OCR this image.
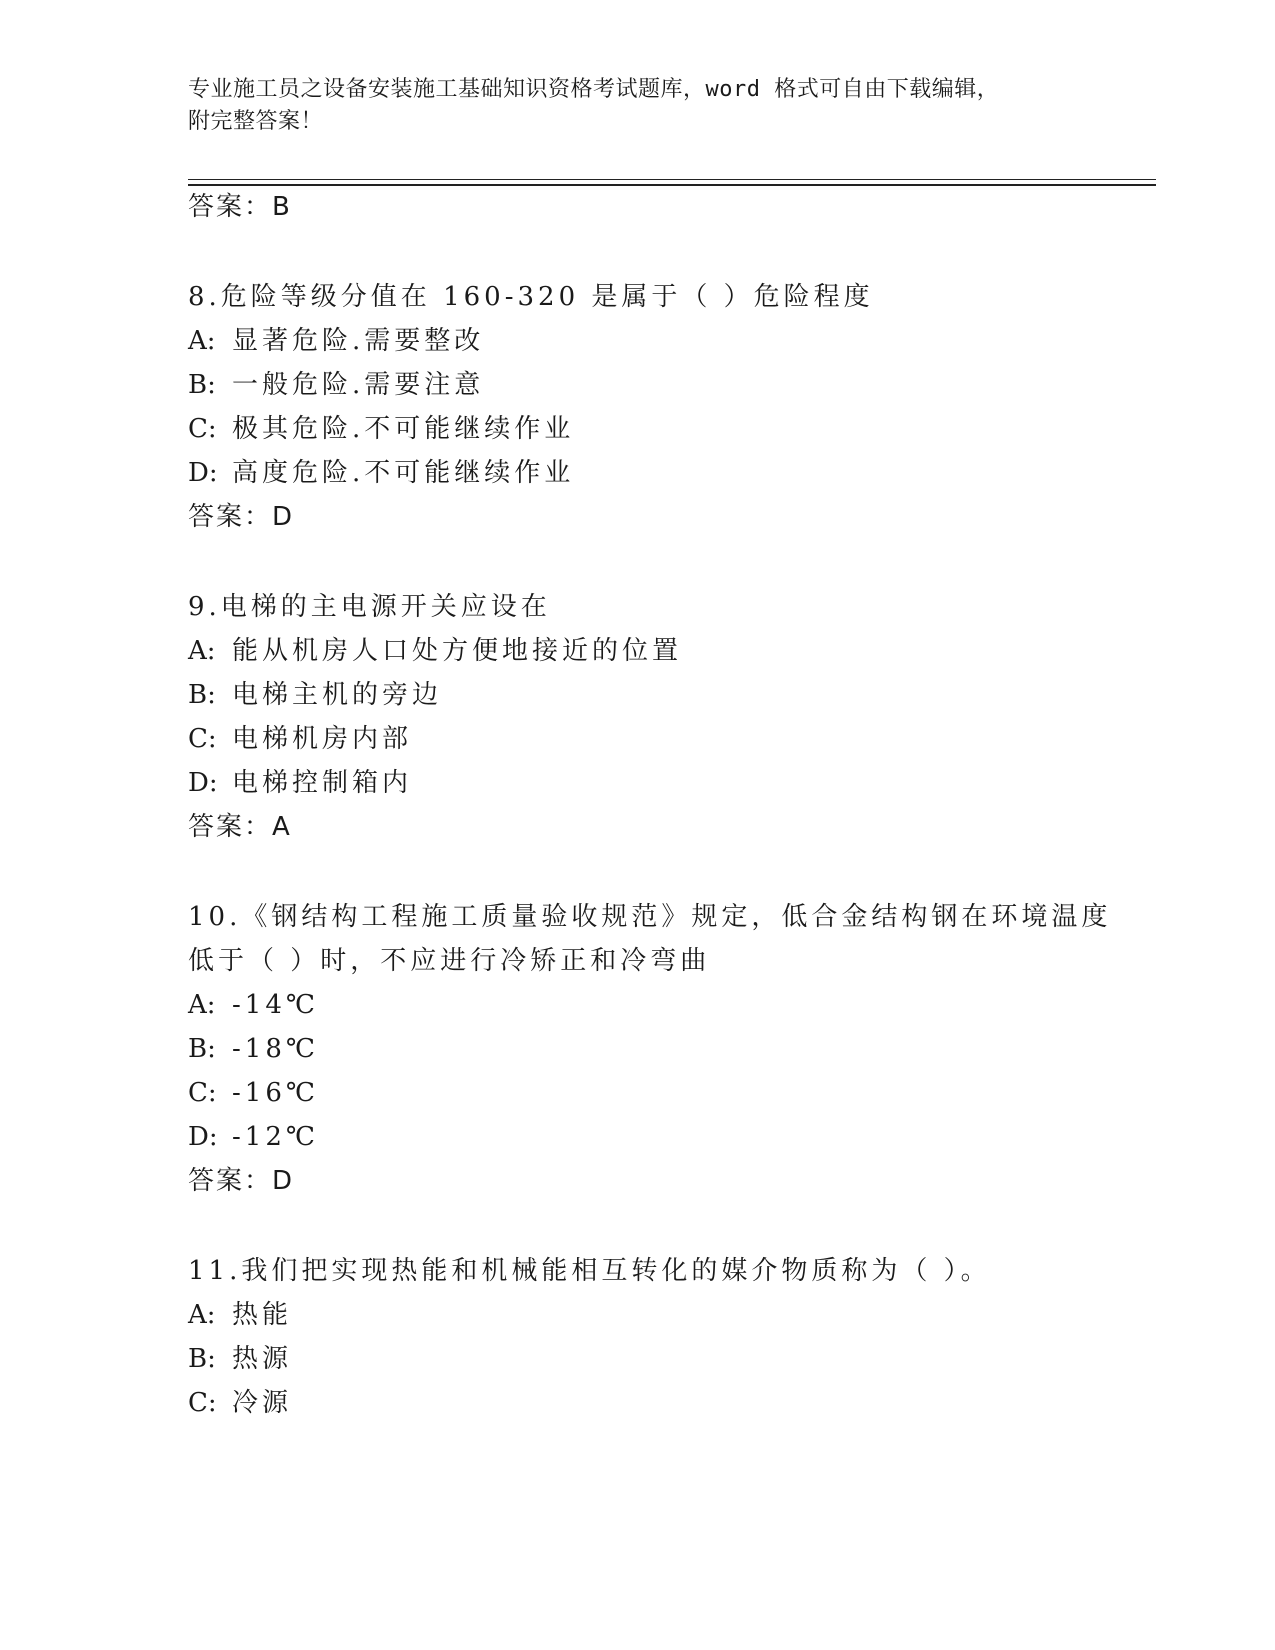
专业施工员之设备安装施工基础知识资格考试题库，word 格式可自由下载编辑，
附完整答案！
答案：B
8.危险等级分值在 160-320 是属于（ ）危险程度
A: 显著危险.需要整改
B: 一般危险.需要注意
C: 极其危险.不可能继续作业
D: 高度危险.不可能继续作业
答案：D
9.电梯的主电源开关应设在
A: 能从机房人口处方便地接近的位置
B: 电梯主机的旁边
C: 电梯机房内部
D: 电梯控制箱内
答案：A
10.《钢结构工程施工质量验收规范》规定，低合金结构钢在环境温度
低于（ ）时，不应进行冷矫正和冷弯曲
A: -14℃
B: -18℃
C: -16℃
D: -12℃
答案：D
11.我们把实现热能和机械能相互转化的媒介物质称为（ ）。
A: 热能
B: 热源
C: 冷源
